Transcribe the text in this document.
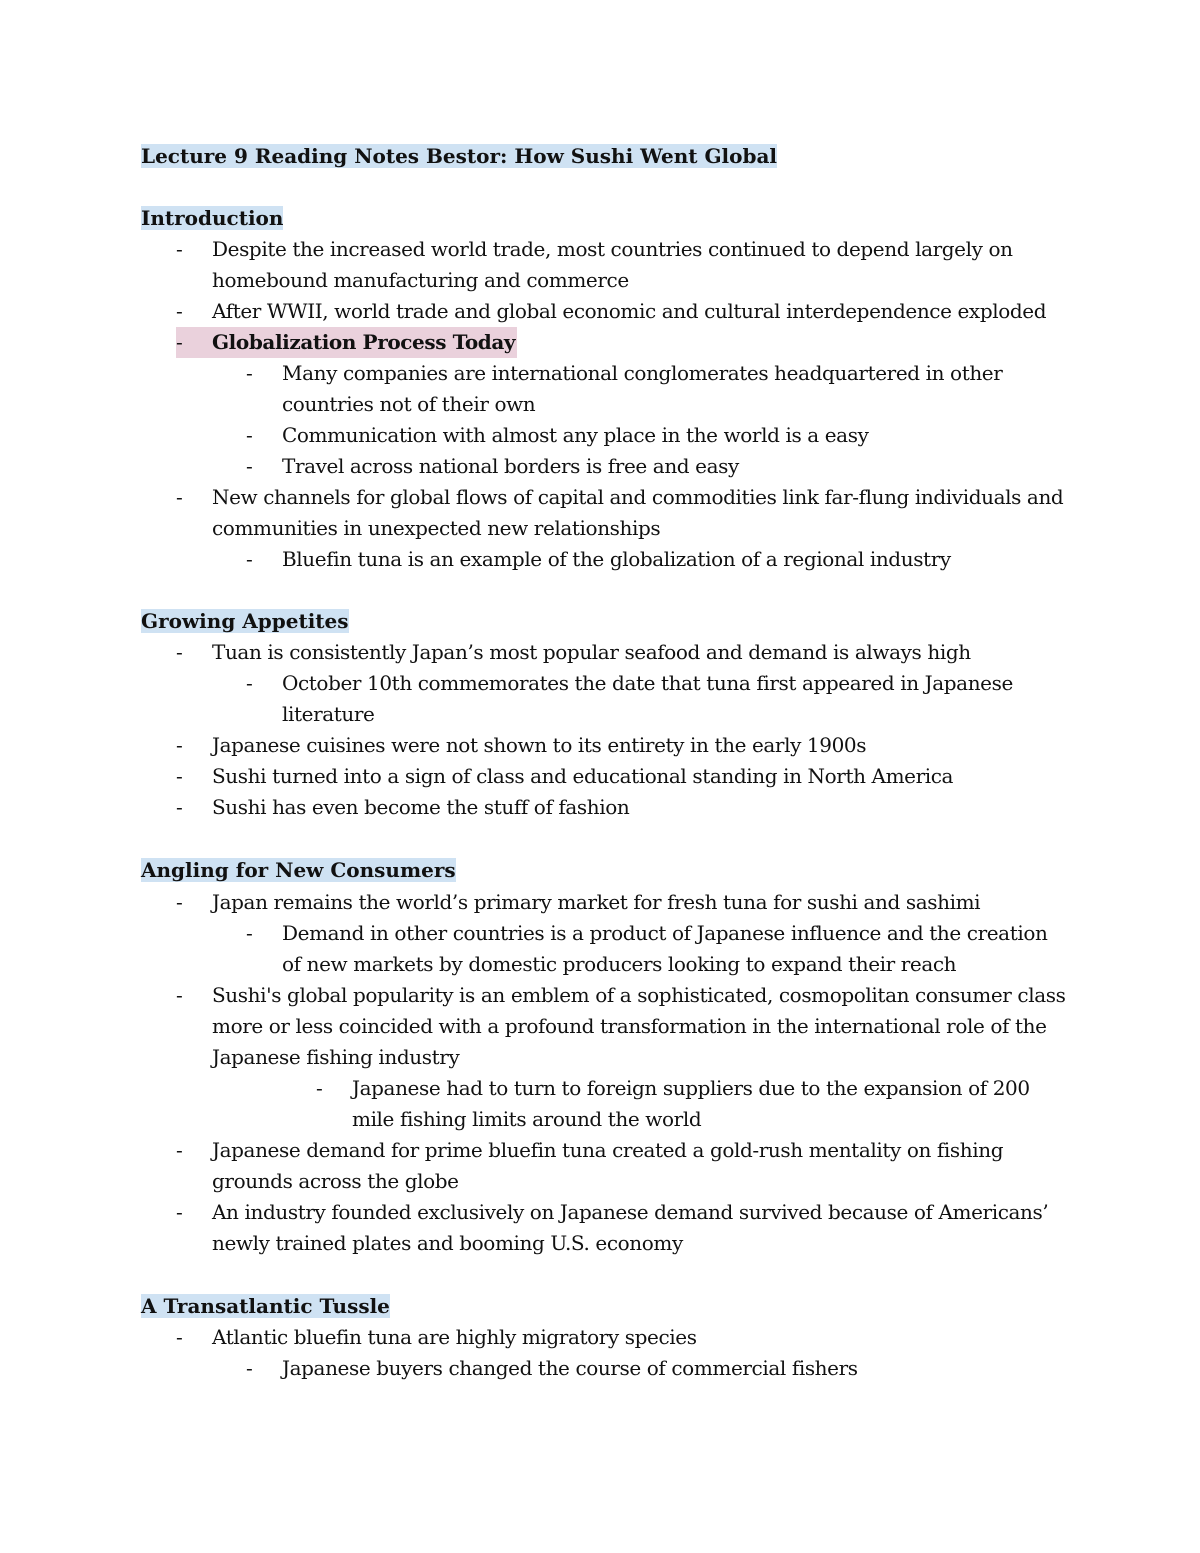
Lecture 9 Reading Notes Bestor: How Sushi Went Global
Introduction
-	Despite the increased world trade, most countries continued to depend largely on homebound manufacturing and commerce
-	After WWII, world trade and global economic and cultural interdependence exploded
- Globalization Process Today
-	Many companies are international conglomerates headquartered in other countries not of their own
-	Communication with almost any place in the world is a easy
-	Travel across national borders is free and easy
-	New channels for global flows of capital and commodities link far-flung individuals and communities in unexpected new relationships
-	Bluefin tuna is an example of the globalization of a regional industry
Growing Appetites
-	Tuan is consistently Japan’s most popular seafood and demand is always high
-	October 10th commemorates the date that tuna first appeared in Japanese literature
-	Japanese cuisines were not shown to its entirety in the early 1900s
-	Sushi turned into a sign of class and educational standing in North America
-	Sushi has even become the stuff of fashion
Angling for New Consumers
-	Japan remains the world’s primary market for fresh tuna for sushi and sashimi
-	Demand in other countries is a product of Japanese influence and the creation of new markets by domestic producers looking to expand their reach
-	Sushi's global popularity is an emblem of a sophisticated, cosmopolitan consumer class more or less coincided with a profound transformation in the international role of the Japanese fishing industry
-	Japanese had to turn to foreign suppliers due to the expansion of 200 mile fishing limits around the world
-	Japanese demand for prime bluefin tuna created a gold-rush mentality on fishing grounds across the globe
-	An industry founded exclusively on Japanese demand survived because of Americans’ newly trained plates and booming U.S. economy
A Transatlantic Tussle
-	Atlantic bluefin tuna are highly migratory species
-	Japanese buyers changed the course of commercial fishers
